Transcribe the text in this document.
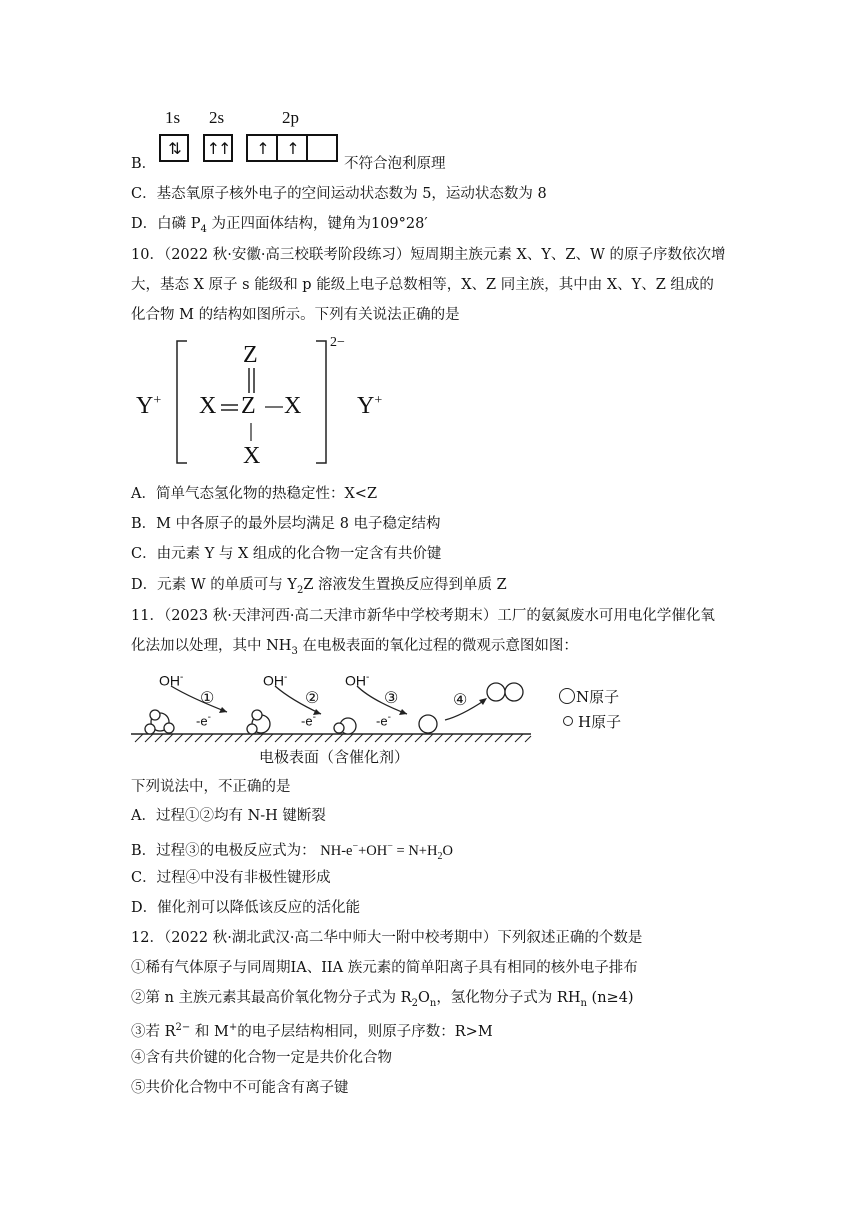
1s 2s	2p
⇅	↑↑	↑	↑
B．	不符合泡利原理
C．基态氧原子核外电子的空间运动状态数为 5，运动状态数为 8
D．白磷 $P_4$ 为正四面体结构，键角为109°28′
10．（2022 秋·安徽·高三校联考阶段练习）短周期主族元素 X、Y、Z、W 的原子序数依次增
大，基态 X 原子 s 能级和 p 能级上电子总数相等，X、Z 同主族，其中由 X、Y、Z 组成的
化合物 M 的结构如图所示。下列有关说法正确的是
Y+
Z
X Z X
X
2−
Y+
A．简单气态氢化物的热稳定性：X<Z
B．M 中各原子的最外层均满足 8 电子稳定结构
C．由元素 Y 与 X 组成的化合物一定含有共价键
D．元素 W 的单质可与 $Y_2Z$ 溶液发生置换反应得到单质 Z
11．（2023 秋·天津河西·高二天津市新华中学校考期末）工厂的氨氮废水可用电化学催化氧
化法加以处理，其中 $NH_3$ 在电极表面的氧化过程的微观示意图如图：
OH-	OH-	OH-
①	②	③	④
-e-	-e-	-e-
电极表面（含催化剂）
N原子
H原子
下列说法中，不正确的是
A．过程①②均有 N-H 键断裂
B．过程③的电极反应式为： $NH-e^-+OH^- = N+H_2O$
C．过程④中没有非极性键形成
D．催化剂可以降低该反应的活化能
12．（2022 秋·湖北武汉·高二华中师大一附中校考期中）下列叙述正确的个数是
①稀有气体原子与同周期IA、IIA 族元素的简单阳离子具有相同的核外电子排布
②第 n 主族元素其最高价氧化物分子式为 $R_2O_n$，氢化物分子式为 $RH_n$ (n≥4)
③若 $R^{2-}$ 和 M+的电子层结构相同，则原子序数：R>M
④含有共价键的化合物一定是共价化合物
⑤共价化合物中不可能含有离子键
